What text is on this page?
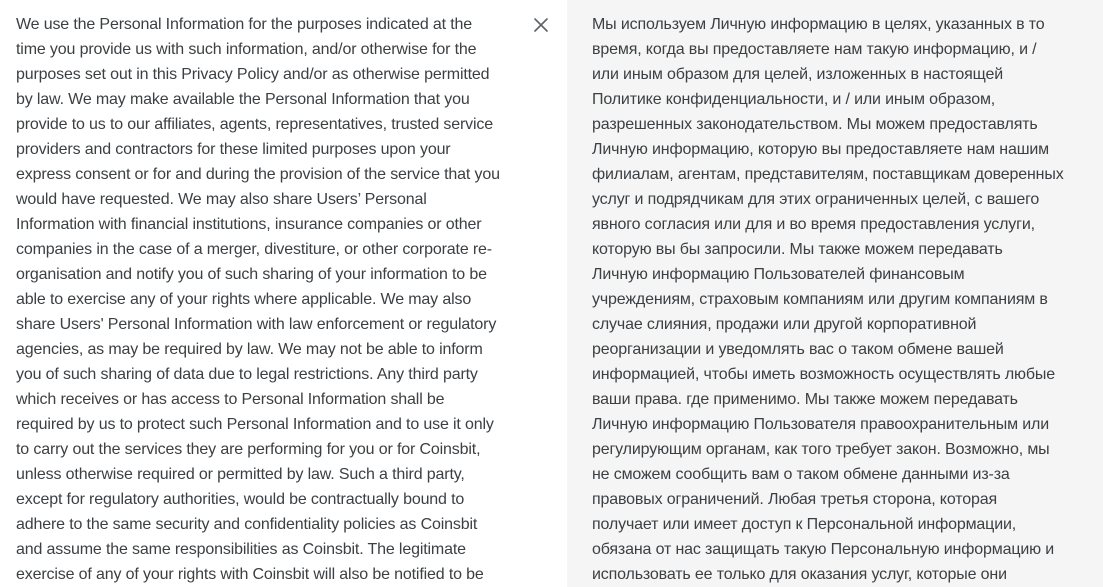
We use the Personal Information for the purposes indicated at the
time you provide us with such information, and/or otherwise for the
purposes set out in this Privacy Policy and/or as otherwise permitted
by law. We may make available the Personal Information that you
provide to us to our affiliates, agents, representatives, trusted service
providers and contractors for these limited purposes upon your
express consent or for and during the provision of the service that you
would have requested. We may also share Users’ Personal
Information with financial institutions, insurance companies or other
companies in the case of a merger, divestiture, or other corporate re-
organisation and notify you of such sharing of your information to be
able to exercise any of your rights where applicable. We may also
share Users' Personal Information with law enforcement or regulatory
agencies, as may be required by law. We may not be able to inform
you of such sharing of data due to legal restrictions. Any third party
which receives or has access to Personal Information shall be
required by us to protect such Personal Information and to use it only
to carry out the services they are performing for you or for Coinsbit,
unless otherwise required or permitted by law. Such a third party,
except for regulatory authorities, would be contractually bound to
adhere to the same security and confidentiality policies as Coinsbit
and assume the same responsibilities as Coinsbit. The legitimate
exercise of any of your rights with Coinsbit will also be notified to be
Мы используем Личную информацию в целях, указанных в то
время, когда вы предоставляете нам такую информацию, и /
или иным образом для целей, изложенных в настоящей
Политике конфиденциальности, и / или иным образом,
разрешенных законодательством. Мы можем предоставлять
Личную информацию, которую вы предоставляете нам нашим
филиалам, агентам, представителям, поставщикам доверенных
услуг и подрядчикам для этих ограниченных целей, с вашего
явного согласия или для и во время предоставления услуги,
которую вы бы запросили. Мы также можем передавать
Личную информацию Пользователей финансовым
учреждениям, страховым компаниям или другим компаниям в
случае слияния, продажи или другой корпоративной
реорганизации и уведомлять вас о таком обмене вашей
информацией, чтобы иметь возможность осуществлять любые
ваши права. где применимо. Мы также можем передавать
Личную информацию Пользователя правоохранительным или
регулирующим органам, как того требует закон. Возможно, мы
не сможем сообщить вам о таком обмене данными из-за
правовых ограничений. Любая третья сторона, которая
получает или имеет доступ к Персональной информации,
обязана от нас защищать такую Персональную информацию и
использовать ее только для оказания услуг, которые они
